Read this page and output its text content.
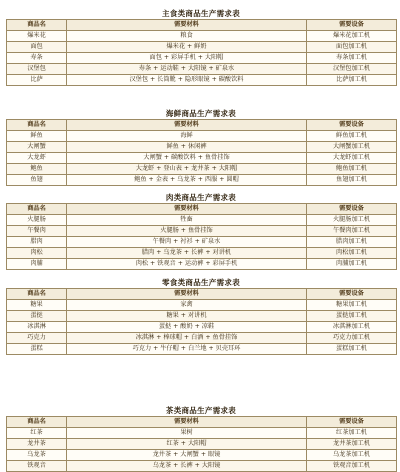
主食类商品生产需求表
商品名	需要材料	需要设备
爆米花	粮食	爆米花加工机
面包	爆米花 + 鲜奶	面包加工机
寿条	面包 + 彩屏手机 + 大阳帽	寿条加工机
汉堡包	寿条 + 运动鞋 + 大阳镜 + 矿泉水	汉堡包加工机
比萨	汉堡包 + 长筒靴 + 隐形眼镜 + 碳酸饮料	比萨加工机
海鲜商品生产需求表
商品名	需要材料	需要设备
鲜鱼	海鲜	鲜鱼加工机
大闸蟹	鲜鱼 + 休闲裤	大闸蟹加工机
大龙虾	大闸蟹 + 碳酸饮料 + 鱼骨挂饰	大龙虾加工机
鲍鱼	大龙虾 + 登山表 + 龙井茶 + 大阳帽	鲍鱼加工机
鱼翅	鲍鱼 + 金表 + 乌龙茶 + 西服 + 圆帽	鱼翅加工机
肉类商品生产需求表
商品名	需要材料	需要设备
火腿肠	牲畜	火腿肠加工机
午餐肉	火腿肠 + 鱼骨挂饰	午餐肉加工机
腊肉	午餐肉 + 衬衫 + 矿泉水	腊肉加工机
肉松	腊肉 + 乌龙茶 + 长裤 + 对讲机	肉松加工机
肉脯	肉松 + 铁观音 + 运动裤 + 彩屏手机	肉脯加工机
零食类商品生产需求表
商品名	需要材料	需要设备
糖果	家禽	糖果加工机
蛋挞	糖果 + 对讲机	蛋挞加工机
冰淇淋	蛋挞 + 酸奶 + 凉鞋	冰淇淋加工机
巧克力	冰淇淋 + 棒球帽 + 白酒 + 鱼骨挂饰	巧克力加工机
蛋糕	巧克力 + 牛仔帽 + 白兰地 + 贝壳耳环	蛋糕加工机
茶类商品生产需求表
商品名	需要材料	需要设备
红茶	果树	红茶加工机
龙井茶	红茶 + 大阳帽	龙井茶加工机
乌龙茶	龙井茶 + 大闸蟹 + 眼镜	乌龙茶加工机
铁观音	乌龙茶 + 长裤 + 大阳镜	铁观音加工机
